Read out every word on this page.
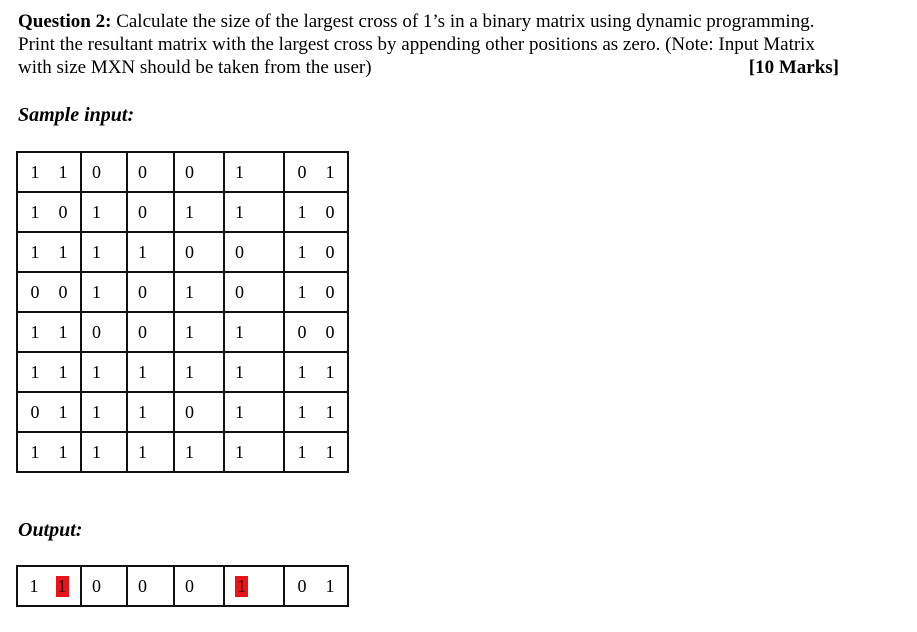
Question 2: Calculate the size of the largest cross of 1’s in a binary matrix using dynamic programming.
Print the resultant matrix with the largest cross by appending other positions as zero. (Note: Input Matrix
with size MXN should be taken from the user)	[10 Marks]
Sample input:
1 1	0	0	0	1	0 1

1 0	1	0	1	1	1 0

1 1	1	1	0	0	1 0

0 0	1	0	1	0	1 0

1 1	0	0	1	1	0 0

1 1	1	1	1	1	1 1

0 1	1	1	0	1	1 1

1 1	1	1	1	1	1 1
Output:
1 1	0	0	0	1	0 1
